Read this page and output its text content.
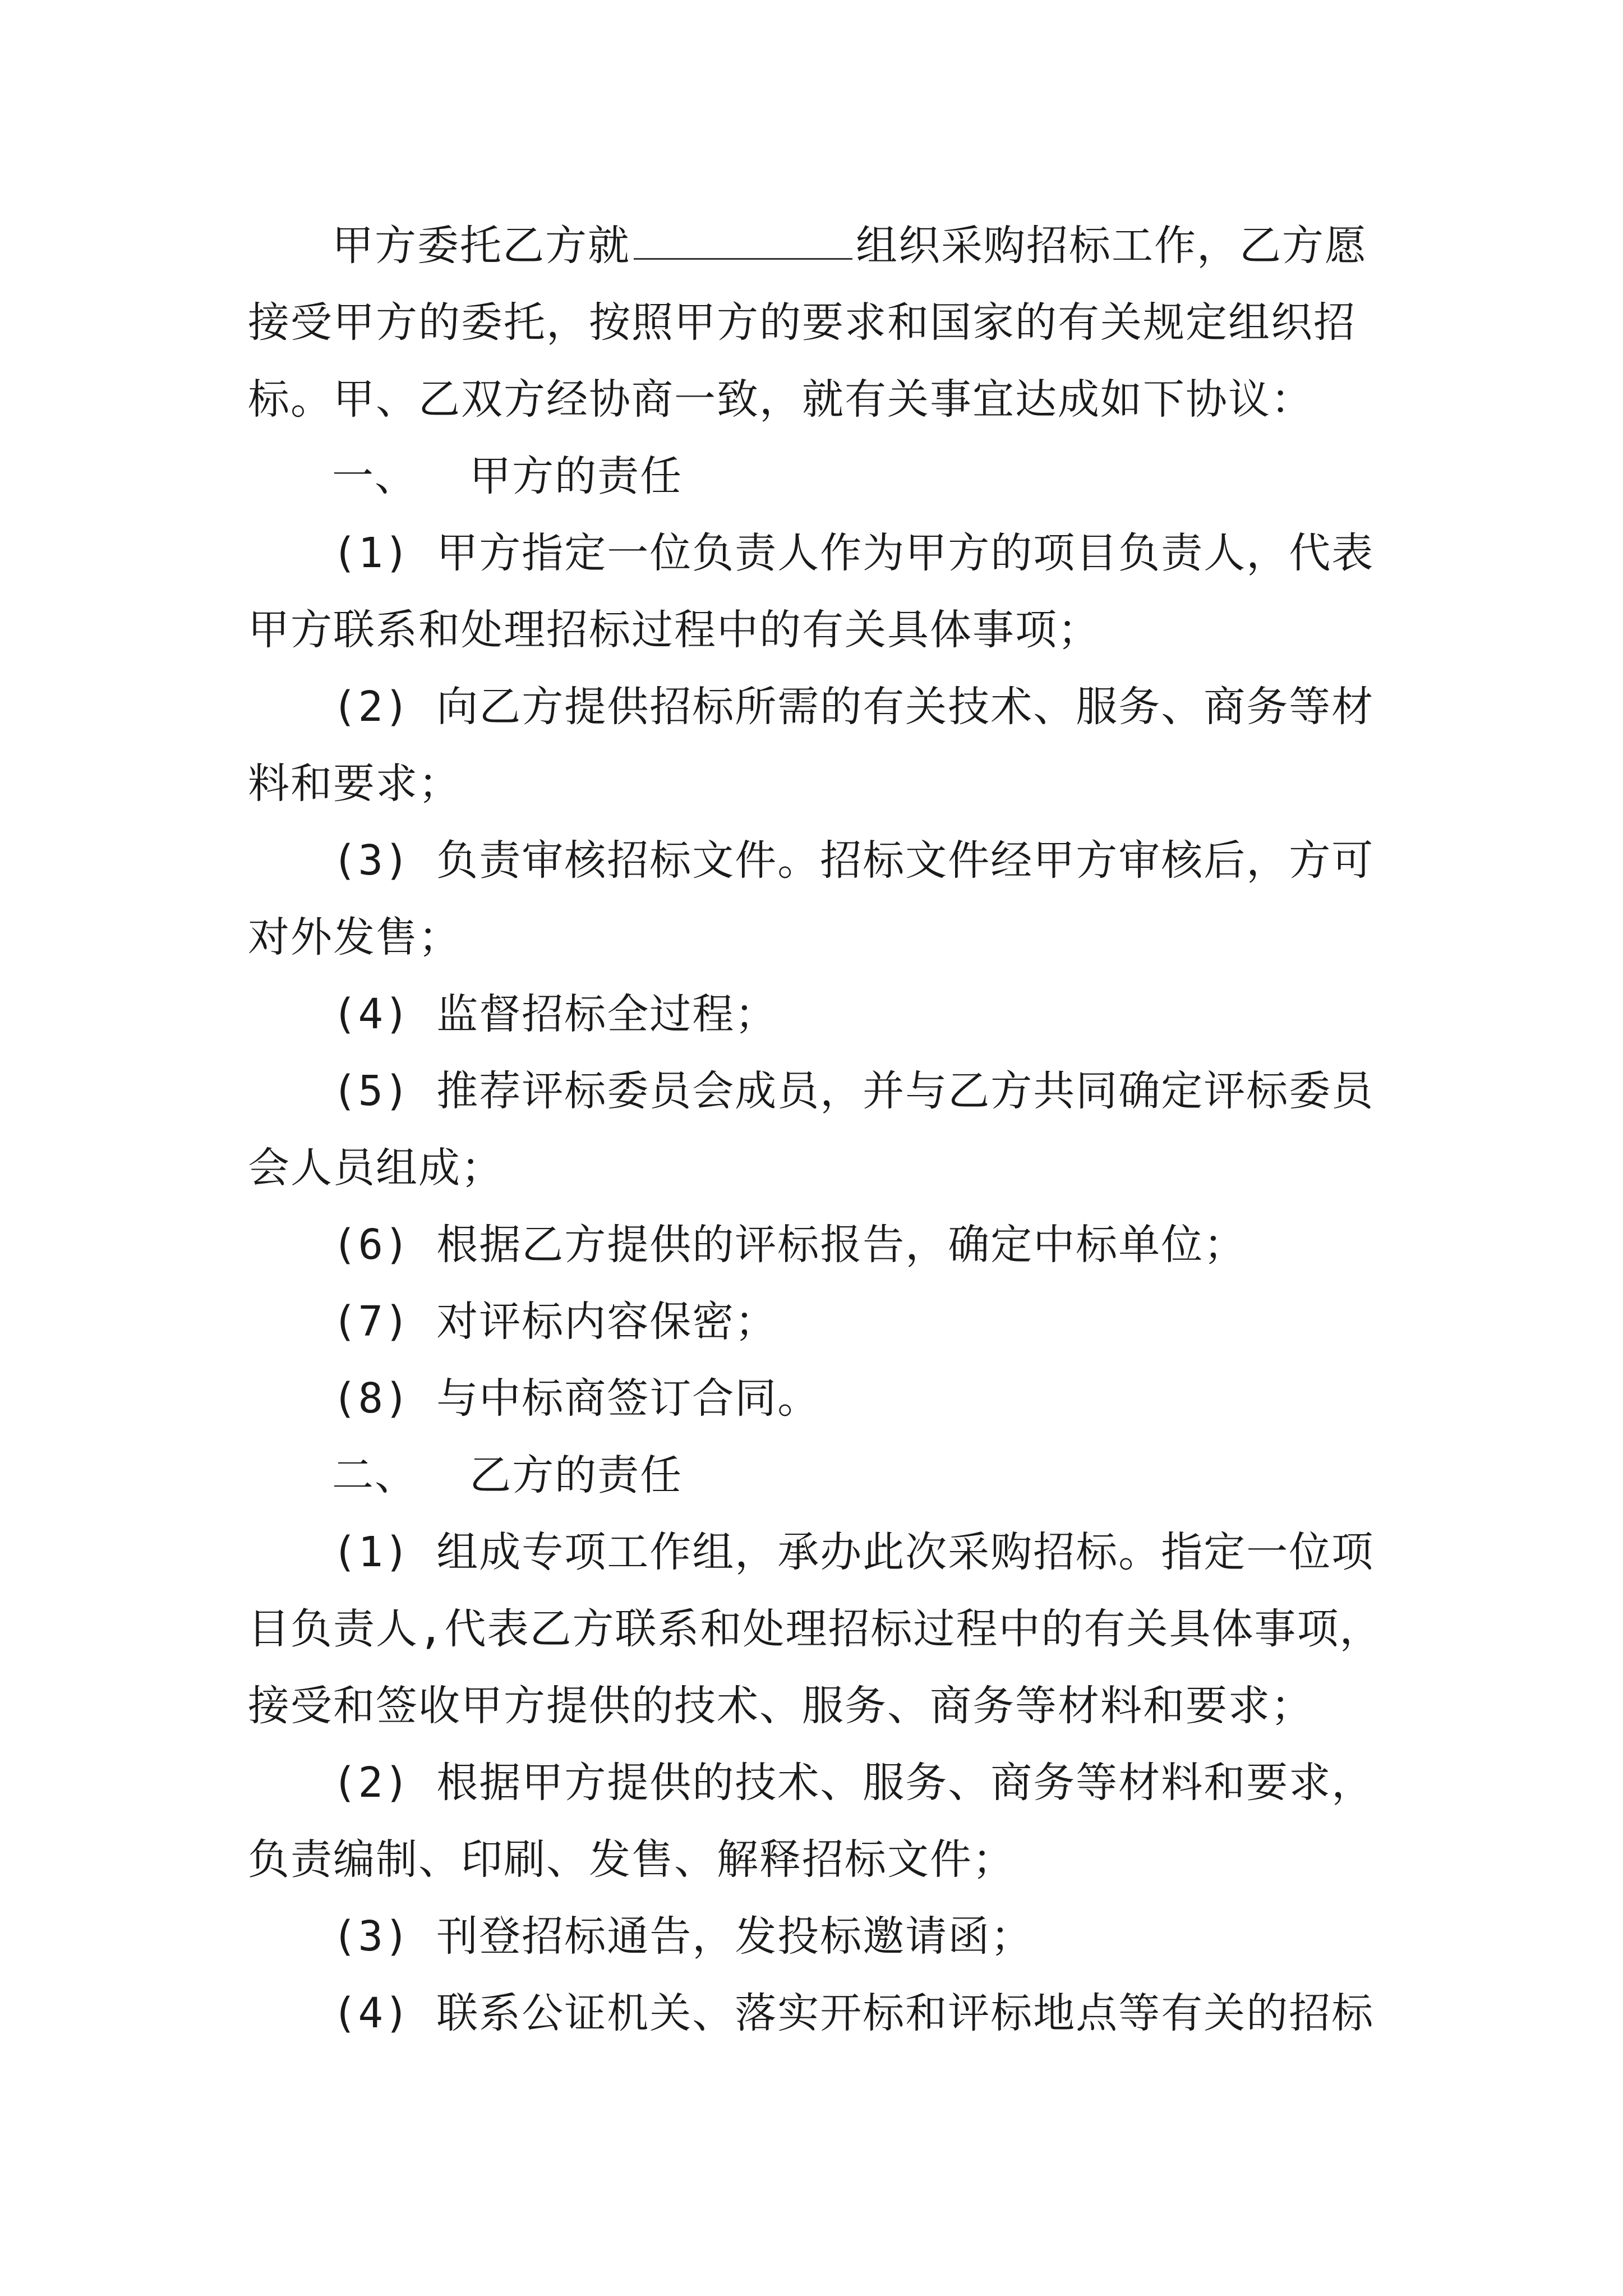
甲方委托乙方就	组织采购招标工作，乙方愿
接受甲方的委托，按照甲方的要求和国家的有关规定组织招
标。甲、乙双方经协商一致，就有关事宜达成如下协议：
一、  甲方的责任
(1) 甲方指定一位负责人作为甲方的项目负责人，代表
甲方联系和处理招标过程中的有关具体事项；
(2) 向乙方提供招标所需的有关技术、服务、商务等材
料和要求；
(3) 负责审核招标文件。招标文件经甲方审核后，方可
对外发售；
(4) 监督招标全过程；
(5) 推荐评标委员会成员，并与乙方共同确定评标委员
会人员组成；
(6) 根据乙方提供的评标报告，确定中标单位；
(7) 对评标内容保密；
(8) 与中标商签订合同。
二、  乙方的责任
(1) 组成专项工作组，承办此次采购招标。指定一位项
目负责人,代表乙方联系和处理招标过程中的有关具体事项，
接受和签收甲方提供的技术、服务、商务等材料和要求；
(2) 根据甲方提供的技术、服务、商务等材料和要求，
负责编制、印刷、发售、解释招标文件；
(3) 刊登招标通告，发投标邀请函；
(4) 联系公证机关、落实开标和评标地点等有关的招标
